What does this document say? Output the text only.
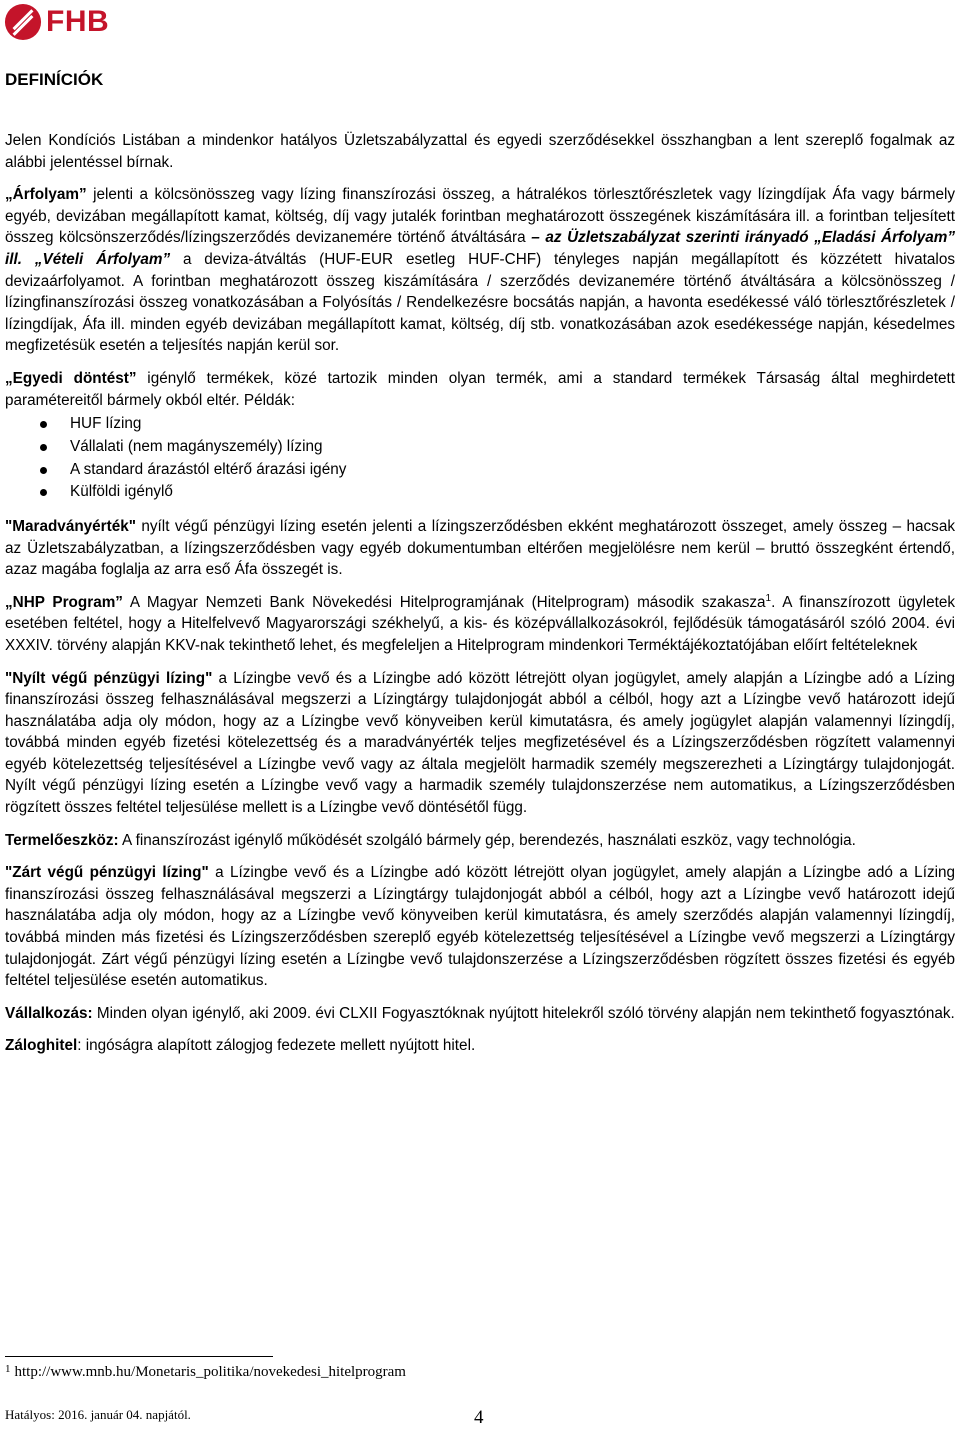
FHB
DEFINÍCIÓK

Jelen Kondíciós Listában a mindenkor hatályos Üzletszabályzattal és egyedi szerződésekkel összhangban a lent szereplő fogalmak az alábbi jelentéssel bírnak.

„Árfolyam” jelenti a kölcsönösszeg vagy lízing finanszírozási összeg, a hátralékos törlesztőrészletek vagy lízingdíjak Áfa vagy bármely egyéb, devizában megállapított kamat, költség, díj vagy jutalék forintban meghatározott összegének kiszámítására ill. a forintban teljesített összeg kölcsönszerződés/lízingszerződés devizanemére történő átváltására – az Üzletszabályzat szerinti irányadó „Eladási Árfolyam” ill. „Vételi Árfolyam” a deviza-átváltás (HUF-EUR esetleg HUF-CHF) tényleges napján megállapított és közzétett hivatalos devizaárfolyamot. A forintban meghatározott összeg kiszámítására / szerződés devizanemére történő átváltására a kölcsönösszeg / lízingfinanszírozási összeg vonatkozásában a Folyósítás / Rendelkezésre bocsátás napján, a havonta esedékessé váló törlesztőrészletek / lízingdíjak, Áfa ill. minden egyéb devizában megállapított kamat, költség, díj stb. vonatkozásában azok esedékessége napján, késedelmes megfizetésük esetén a teljesítés napján kerül sor.

„Egyedi döntést” igénylő termékek, közé tartozik minden olyan termék, ami a standard termékek Társaság által meghirdetett paramétereitől bármely okból eltér. Példák:

HUF lízing
Vállalati (nem magányszemély) lízing
A standard árazástól eltérő árazási igény
Külföldi igénylő

"Maradványérték" nyílt végű pénzügyi lízing esetén jelenti a lízingszerződésben ekként meghatározott összeget, amely összeg – hacsak az Üzletszabályzatban, a lízingszerződésben vagy egyéb dokumentumban eltérően megjelölésre nem kerül – bruttó összegként értendő, azaz magába foglalja az arra eső Áfa összegét is.

„NHP Program” A Magyar Nemzeti Bank Növekedési Hitelprogramjának (Hitelprogram) második szakasza$^1$. A finanszírozott ügyletek esetében feltétel, hogy a Hitelfelvevő Magyarországi székhelyű, a kis- és középvállalkozásokról, fejlődésük támogatásáról szóló 2004. évi XXXIV. törvény alapján KKV-nak tekinthető lehet, és megfeleljen a Hitelprogram mindenkori Terméktájékoztatójában előírt feltételeknek

"Nyílt végű pénzügyi lízing" a Lízingbe vevő és a Lízingbe adó között létrejött olyan jogügylet, amely alapján a Lízingbe adó a Lízing finanszírozási összeg felhasználásával megszerzi a Lízingtárgy tulajdonjogát abból a célból, hogy azt a Lízingbe vevő határozott idejű használatába adja oly módon, hogy az a Lízingbe vevő könyveiben kerül kimutatásra, és amely jogügylet alapján valamennyi lízingdíj, továbbá minden egyéb fizetési kötelezettség és a maradványérték teljes megfizetésével és a Lízingszerződésben rögzített valamennyi egyéb kötelezettség teljesítésével a Lízingbe vevő vagy az általa megjelölt harmadik személy megszerezheti a Lízingtárgy tulajdonjogát. Nyílt végű pénzügyi lízing esetén a Lízingbe vevő vagy a harmadik személy tulajdonszerzése nem automatikus, a Lízingszerződésben rögzített összes feltétel teljesülése mellett is a Lízingbe vevő döntésétől függ.

Termelőeszköz: A finanszírozást igénylő működését szolgáló bármely gép, berendezés, használati eszköz, vagy technológia.

"Zárt végű pénzügyi lízing" a Lízingbe vevő és a Lízingbe adó között létrejött olyan jogügylet, amely alapján a Lízingbe adó a Lízing finanszírozási összeg felhasználásával megszerzi a Lízingtárgy tulajdonjogát abból a célból, hogy azt a Lízingbe vevő határozott idejű használatába adja oly módon, hogy az a Lízingbe vevő könyveiben kerül kimutatásra, és amely szerződés alapján valamennyi lízingdíj, továbbá minden más fizetési és Lízingszerződésben szereplő egyéb kötelezettség teljesítésével a Lízingbe vevő megszerzi a Lízingtárgy tulajdonjogát. Zárt végű pénzügyi lízing esetén a Lízingbe vevő tulajdonszerzése a Lízingszerződésben rögzített összes fizetési és egyéb feltétel teljesülése esetén automatikus.

Vállalkozás: Minden olyan igénylő, aki 2009. évi CLXII Fogyasztóknak nyújtott hitelekről szóló törvény alapján nem tekinthető fogyasztónak.

Záloghitel: ingóságra alapított zálogjog fedezete mellett nyújtott hitel.

$^1$ http://www.mnb.hu/Monetaris_politika/novekedesi_hitelprogram
Hatályos: 2016. január 04. napjától.	4
